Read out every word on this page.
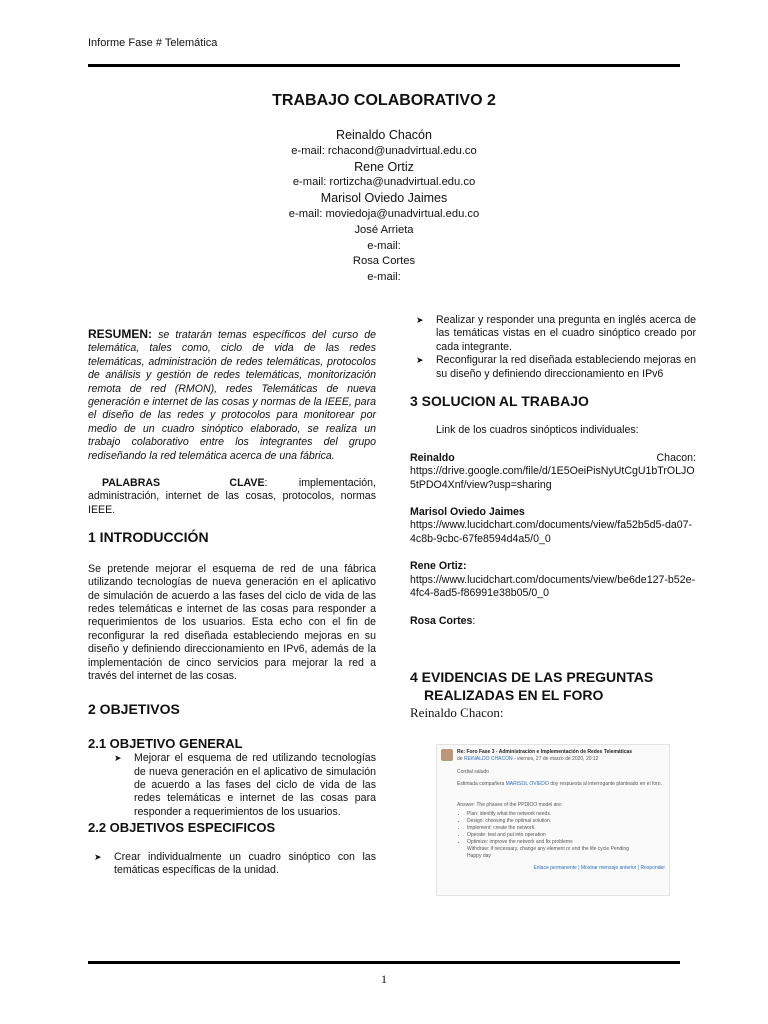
Informe Fase # Telemática
TRABAJO COLABORATIVO 2
Reinaldo Chacón
e-mail: rchacond@unadvirtual.edu.co
Rene Ortiz
e-mail: rortizcha@unadvirtual.edu.co
Marisol Oviedo Jaimes
e-mail: moviedoja@unadvirtual.edu.co
José Arrieta
e-mail:
Rosa Cortes
e-mail:

RESUMEN: se tratarán temas específicos del curso de telemática, tales como, ciclo de vida de las redes telemáticas, administración de redes telemáticas, protocolos de análisis y gestión de redes telemáticas, monitorización remota de red (RMON), redes Telemáticas de nueva generación e internet de las cosas y normas de la IEEE, para el diseño de las redes y protocolos para monitorear por medio de un cuadro sinóptico elaborado, se realiza un trabajo colaborativo entre los integrantes del grupo rediseñando la red telemática acerca de una fábrica.

PALABRAS CLAVE: implementación, administración, internet de las cosas, protocolos, normas IEEE.

1 INTRODUCCIÓN

Se pretende mejorar el esquema de red de una fábrica utilizando tecnologías de nueva generación en el aplicativo de simulación de acuerdo a las fases del ciclo de vida de las redes telemáticas e internet de las cosas para responder a requerimientos de los usuarios. Esta echo con el fin de reconfigurar la red diseñada estableciendo mejoras en su diseño y definiendo direccionamiento en IPv6, además de la implementación de cinco servicios para mejorar la red a través del internet de las cosas.

2 OBJETIVOS
2.1 OBJETIVO GENERAL
➤ Mejorar el esquema de red utilizando tecnologías de nueva generación en el aplicativo de simulación de acuerdo a las fases del ciclo de vida de las redes telemáticas e internet de las cosas para responder a requerimientos de los usuarios.
2.2 OBJETIVOS ESPECIFICOS
➤ Crear individualmente un cuadro sinóptico con las temáticas específicas de la unidad.
➤ Realizar y responder una pregunta en inglés acerca de las temáticas vistas en el cuadro sinóptico creado por cada integrante.
➤ Reconfigurar la red diseñada estableciendo mejoras en su diseño y definiendo direccionamiento en IPv6
3 SOLUCION AL TRABAJO

Link de los cuadros sinópticos individuales:

Reinaldo	Chacon:
https://drive.google.com/file/d/1E5OeiPisNyUtCgU1bTrOLJO5tPDO4Xnf/view?usp=sharing
Marisol Oviedo Jaimes
https://www.lucidchart.com/documents/view/fa52b5d5-da07-4c8b-9cbc-67fe8594d4a5/0_0
Rene Ortiz:
https://www.lucidchart.com/documents/view/be6de127-b52e-4fc4-8ad5-f86991e38b05/0_0
Rosa Cortes:
4 EVIDENCIAS DE LAS PREGUNTAS
REALIZADAS EN EL FORO
Reinaldo Chacon:
Re: Foro Fase 3 - Administración e Implementación de Redes Telemáticas
de REINALDO CHACON - viernes, 27 de marzo de 2020, 20:12
Cordial saludo
Estimada compañera MARISOL OVIEDO doy respuesta al interrogante planteado en el foro.
Answer: The phases of the PPDIOO model are:
• Plan: identify what the network needs.
• Design: choosing the optimal solution.
• Implement: create the network.
• Operate: test and put into operation
• Optimize: improve the network and fix problems
Withdraw: if necessary, change any element or end the life cycle Pending
Happy day
Enlace permanente | Mostrar mensaje anterior | Responder
1
